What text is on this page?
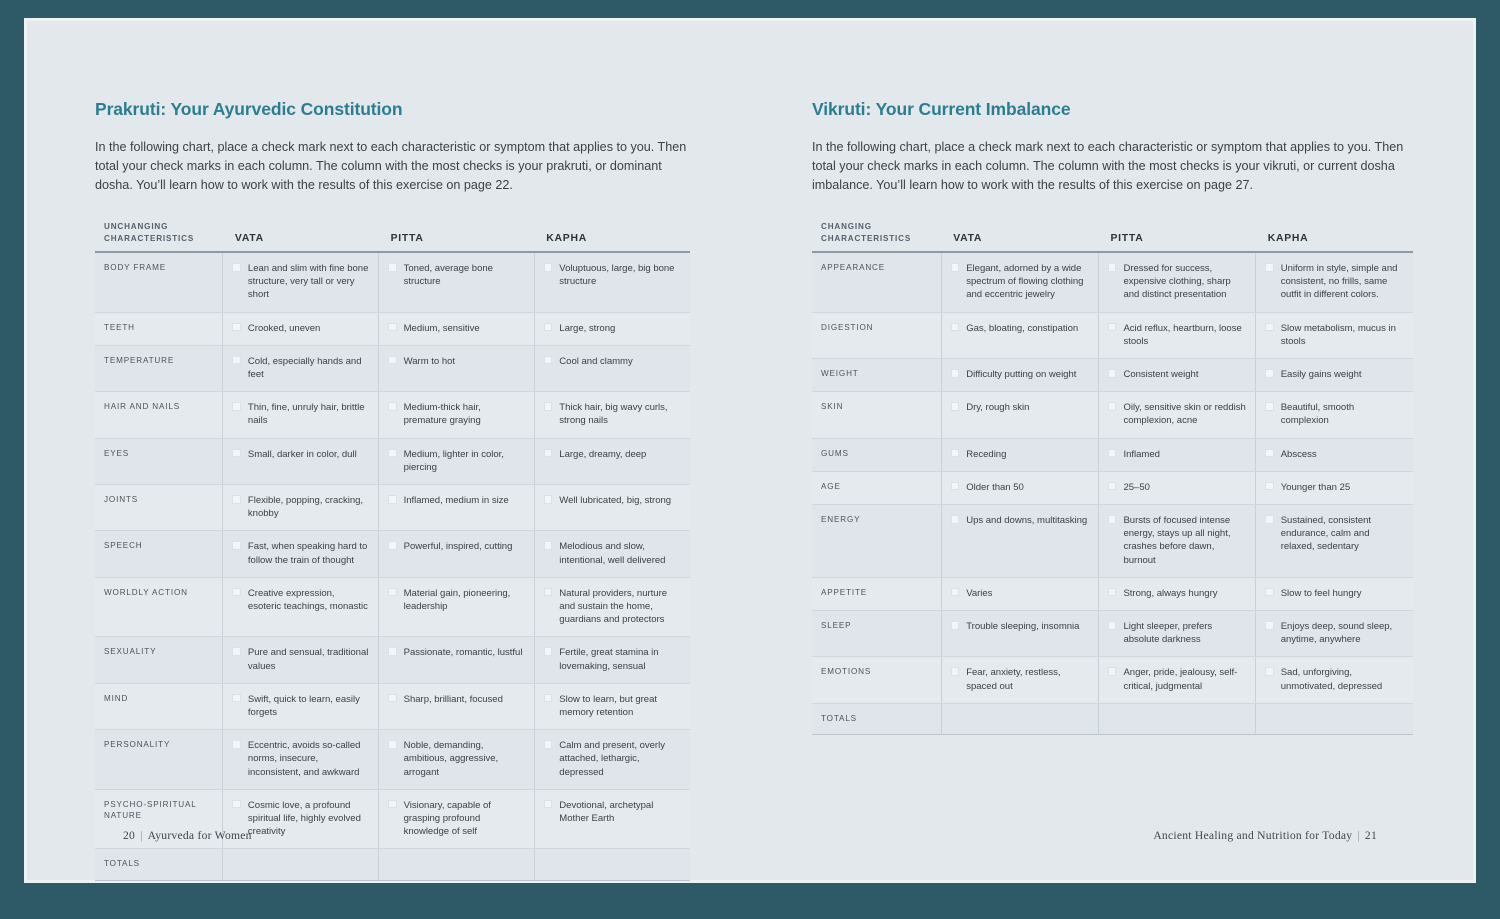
Prakruti: Your Ayurvedic Constitution

In the following chart, place a check mark next to each characteristic or symptom that applies to you. Then total your check marks in each column. The column with the most checks is your prakruti, or dominant dosha. You’ll learn how to work with the results of this exercise on page 22.

UNCHANGING
CHARACTERISTICS	VATA	PITTA	KAPHA
BODY FRAME	Lean and slim with fine bone structure, very tall or very short	Toned, average bone structure	Voluptuous, large, big bone structure

TEETH	Crooked, uneven	Medium, sensitive	Large, strong

TEMPERATURE	Cold, especially hands and feet	Warm to hot	Cool and clammy

HAIR AND NAILS	Thin, fine, unruly hair, brittle nails	Medium-thick hair, premature graying	Thick hair, big wavy curls, strong nails

EYES	Small, darker in color, dull	Medium, lighter in color, piercing	Large, dreamy, deep

JOINTS	Flexible, popping, cracking, knobby	Inflamed, medium in size	Well lubricated, big, strong

SPEECH	Fast, when speaking hard to follow the train of thought	Powerful, inspired, cutting	Melodious and slow, intentional, well delivered

WORLDLY ACTION	Creative expression, esoteric teachings, monastic	Material gain, pioneering, leadership	Natural providers, nurture and sustain the home, guardians and protectors

SEXUALITY	Pure and sensual, traditional values	Passionate, romantic, lustful	Fertile, great stamina in lovemaking, sensual

MIND	Swift, quick to learn, easily forgets	Sharp, brilliant, focused	Slow to learn, but great memory retention

PERSONALITY	Eccentric, avoids so-called norms, insecure, inconsistent, and awkward	Noble, demanding, ambitious, aggressive, arrogant	Calm and present, overly attached, lethargic, depressed

PSYCHO-SPIRITUAL NATURE	Cosmic love, a profound spiritual life, highly evolved creativity	Visionary, capable of grasping profound knowledge of self	Devotional, archetypal Mother Earth

TOTALS			
20 | Ayurveda for Women
Vikruti: Your Current Imbalance

In the following chart, place a check mark next to each characteristic or symptom that applies to you. Then total your check marks in each column. The column with the most checks is your vikruti, or current dosha imbalance. You’ll learn how to work with the results of this exercise on page 27.

CHANGING
CHARACTERISTICS	VATA	PITTA	KAPHA
APPEARANCE	Elegant, adorned by a wide spectrum of flowing clothing and eccentric jewelry	Dressed for success, expensive clothing, sharp and distinct presentation	Uniform in style, simple and consistent, no frills, same outfit in different colors.

DIGESTION	Gas, bloating, constipation	Acid reflux, heartburn, loose stools	Slow metabolism, mucus in stools

WEIGHT	Difficulty putting on weight	Consistent weight	Easily gains weight

SKIN	Dry, rough skin	Oily, sensitive skin or reddish complexion, acne	Beautiful, smooth complexion

GUMS	Receding	Inflamed	Abscess

AGE	Older than 50	25–50	Younger than 25

ENERGY	Ups and downs, multitasking	Bursts of focused intense energy, stays up all night, crashes before dawn, burnout	Sustained, consistent endurance, calm and relaxed, sedentary

APPETITE	Varies	Strong, always hungry	Slow to feel hungry

SLEEP	Trouble sleeping, insomnia	Light sleeper, prefers absolute darkness	Enjoys deep, sound sleep, anytime, anywhere

EMOTIONS	Fear, anxiety, restless, spaced out	Anger, pride, jealousy, self-critical, judgmental	Sad, unforgiving, unmotivated, depressed

TOTALS			
Ancient Healing and Nutrition for Today | 21
